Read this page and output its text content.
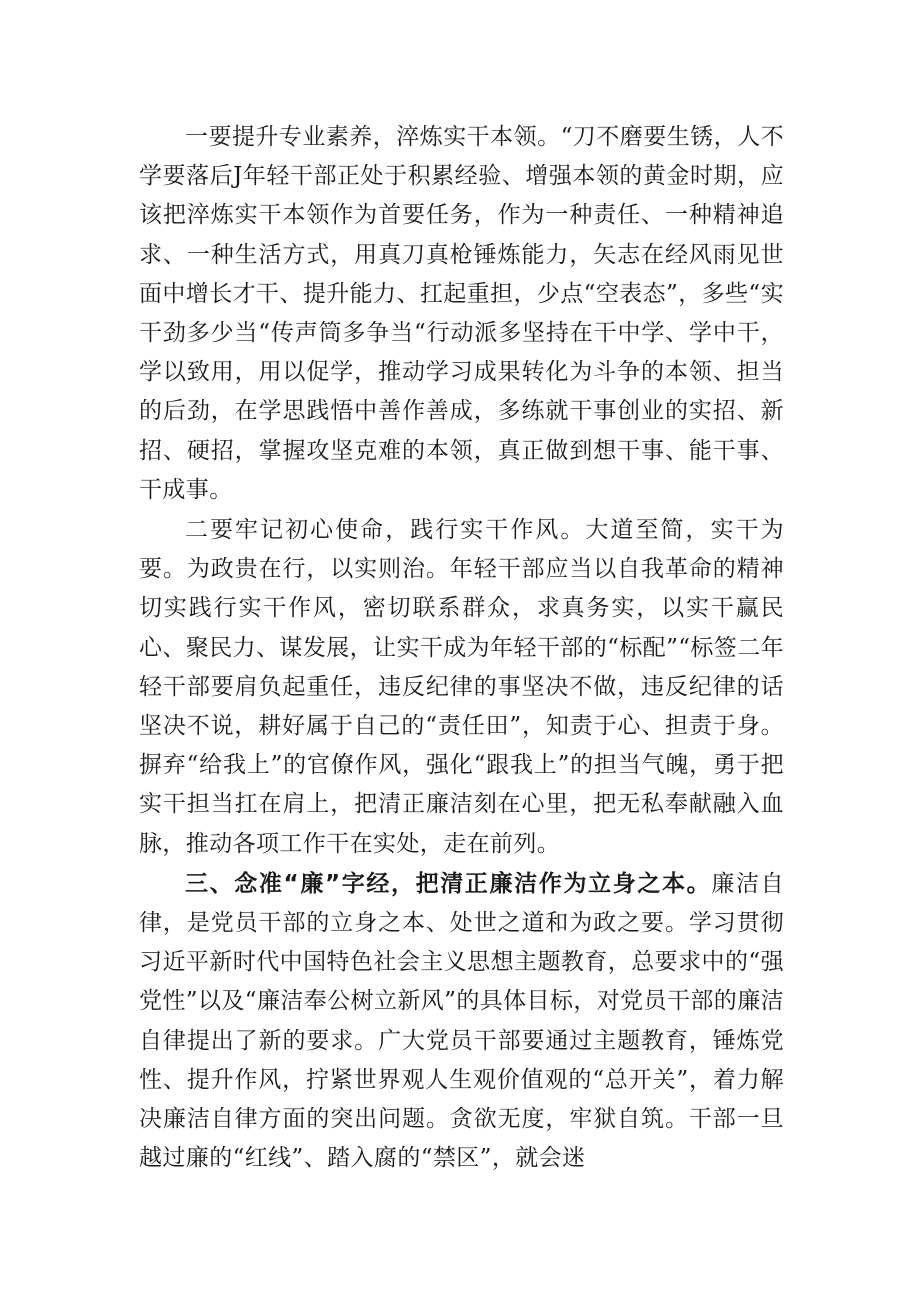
一要提升专业素养，淬炼实干本领。“刀不磨要生锈，人不学要落后J年轻干部正处于积累经验、增强本领的黄金时期，应该把淬炼实干本领作为首要任务，作为一种责任、一种精神追求、一种生活方式，用真刀真枪锤炼能力，矢志在经风雨见世面中增长才干、提升能力、扛起重担，少点“空表态”，多些“实干劲多少当“传声筒多争当“行动派多坚持在干中学、学中干，学以致用，用以促学，推动学习成果转化为斗争的本领、担当的后劲，在学思践悟中善作善成，多练就干事创业的实招、新招、硬招，掌握攻坚克难的本领，真正做到想干事、能干事、干成事。

二要牢记初心使命，践行实干作风。大道至简，实干为要。为政贵在行，以实则治。年轻干部应当以自我革命的精神切实践行实干作风，密切联系群众，求真务实，以实干赢民心、聚民力、谋发展，让实干成为年轻干部的“标配”“标签二年轻干部要肩负起重任，违反纪律的事坚决不做，违反纪律的话坚决不说，耕好属于自己的“责任田”，知责于心、担责于身。摒弃“给我上”的官僚作风，强化“跟我上”的担当气魄，勇于把实干担当扛在肩上，把清正廉洁刻在心里，把无私奉献融入血脉，推动各项工作干在实处，走在前列。

三、念准“廉”字经，把清正廉洁作为立身之本。廉洁自律，是党员干部的立身之本、处世之道和为政之要。学习贯彻习近平新时代中国特色社会主义思想主题教育，总要求中的“强党性”以及“廉洁奉公树立新风”的具体目标，对党员干部的廉洁自律提出了新的要求。广大党员干部要通过主题教育，锤炼党性、提升作风，拧紧世界观人生观价值观的“总开关”，着力解决廉洁自律方面的突出问题。贪欲无度，牢狱自筑。干部一旦越过廉的“红线”、踏入腐的“禁区”，就会迷
